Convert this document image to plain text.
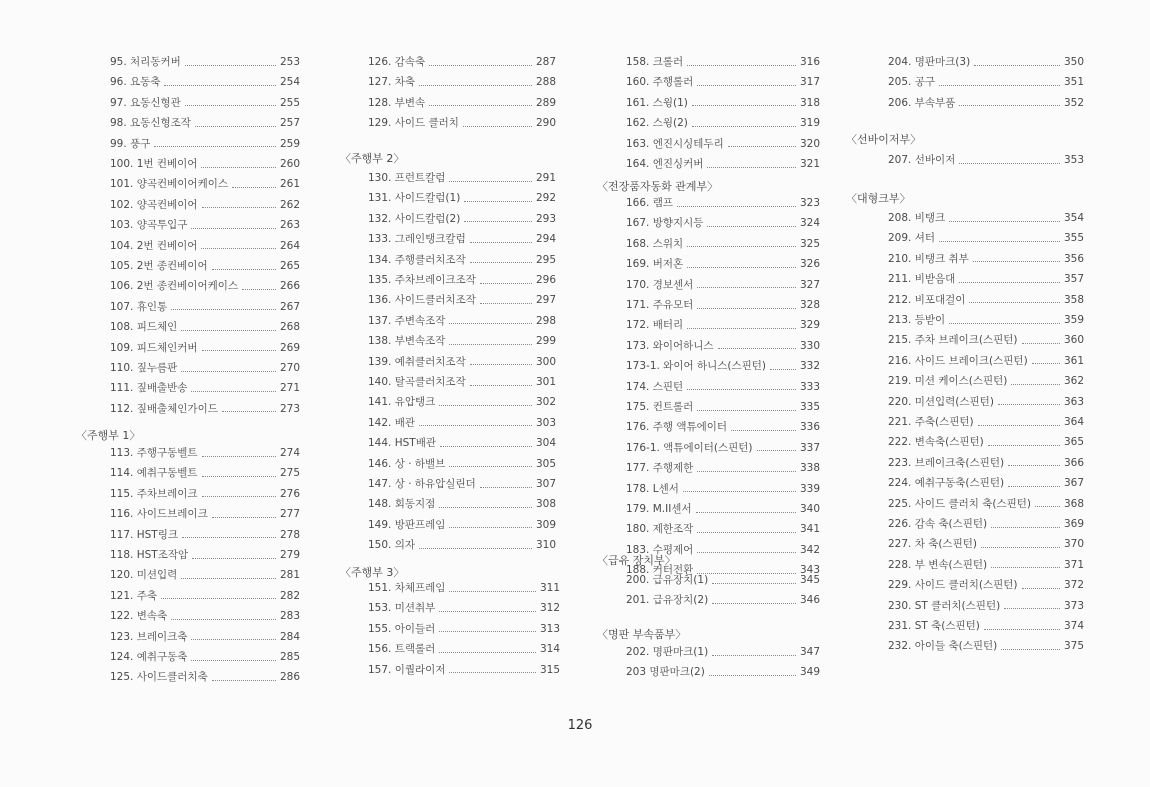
95. 처리동커버	253
96. 요동축	254
97. 요동신형관	255
98. 요동신형조작	257
99. 풍구	259
100. 1번 컨베이어	260
101. 양곡컨베이어케이스	261
102. 양곡컨베이어	262
103. 양곡투입구	263
104. 2번 컨베이어	264
105. 2번 종컨베이어	265
106. 2번 종컨베이어케이스	266
107. 휴인통	267
108. 피드체인	268
109. 피드체인커버	269
110. 짚누름판	270
111. 짚배출반송	271
112. 짚배출체인가이드	273
〈주행부 1〉
113. 주행구동벨트	274
114. 예취구동벨트	275
115. 주차브레이크	276
116. 사이드브레이크	277
117. HST링크	278
118. HST조작암	279
120. 미션입력	281
121. 주축	282
122. 변속축	283
123. 브레이크축	284
124. 예취구동축	285
125. 사이드클러치축	286
126. 감속축	287
127. 차축	288
128. 부변속	289
129. 사이드 클러치	290
〈주행부 2〉
130. 프런트칼럼	291
131. 사이드칼럼(1)	292
132. 사이드칼럼(2)	293
133. 그레인탱크칼럼	294
134. 주행클러치조작	295
135. 주차브레이크조작	296
136. 사이드클러치조작	297
137. 주변속조작	298
138. 부변속조작	299
139. 예취클러치조작	300
140. 탈곡클러치조작	301
141. 유압탱크	302
142. 배관	303
144. HST배관	304
146. 상 · 하밸브	305
147. 상 · 하유압실린더	307
148. 회동지점	308
149. 방판프레임	309
150. 의자	310
〈주행부 3〉
151. 차체프레임	311
153. 미션취부	312
155. 아이들러	313
156. 트랙롤러	314
157. 이퀄라이저	315
158. 크롤러	316
160. 주행롤러	317
161. 스윙(1)	318
162. 스윙(2)	319
163. 엔진시싱테두리	320
164. 엔진싱커버	321
〈전장품자동화 관계부〉
166. 램프	323
167. 방향지시등	324
168. 스위치	325
169. 버저혼	326
170. 경보센서	327
171. 주유모터	328
172. 배터리	329
173. 와이어하니스	330
173-1. 와이어 하니스(스핀턴)	332
174. 스핀턴	333
175. 컨트롤러	335
176. 주행 액튜에이터	336
176-1. 액튜에이터(스핀턴)	337
177. 주행제한	338
178. L센서	339
179. M.II센서	340
180. 제한조작	341
183. 수평제어	342
188. 커터전환	343
〈급유 장치부〉
200. 급유장치(1)	345
201. 급유장치(2)	346
〈명판 부속품부〉
202. 명판마크(1)	347
203 명판마크(2)	349
204. 명판마크(3)	350
205. 공구	351
206. 부속부품	352
〈선바이저부〉
207. 선바이저	353
〈대형크부〉
208. 비탱크	354
209. 셔터	355
210. 비탱크 취부	356
211. 비받음대	357
212. 비포대걸이	358
213. 등받이	359
215. 주차 브레이크(스핀턴)	360
216. 사이드 브레이크(스핀턴)	361
219. 미션 케이스(스핀턴)	362
220. 미션입력(스핀턴)	363
221. 주축(스핀턴)	364
222. 변속축(스핀턴)	365
223. 브레이크축(스핀턴)	366
224. 예취구동축(스핀턴)	367
225. 사이드 클러치 축(스핀턴)	368
226. 감속 축(스핀턴)	369
227. 차 축(스핀턴)	370
228. 부 변속(스핀턴)	371
229. 사이드 클러치(스핀턴)	372
230. ST 클러치(스핀턴)	373
231. ST 축(스핀턴)	374
232. 아이들 축(스핀턴)	375
126
